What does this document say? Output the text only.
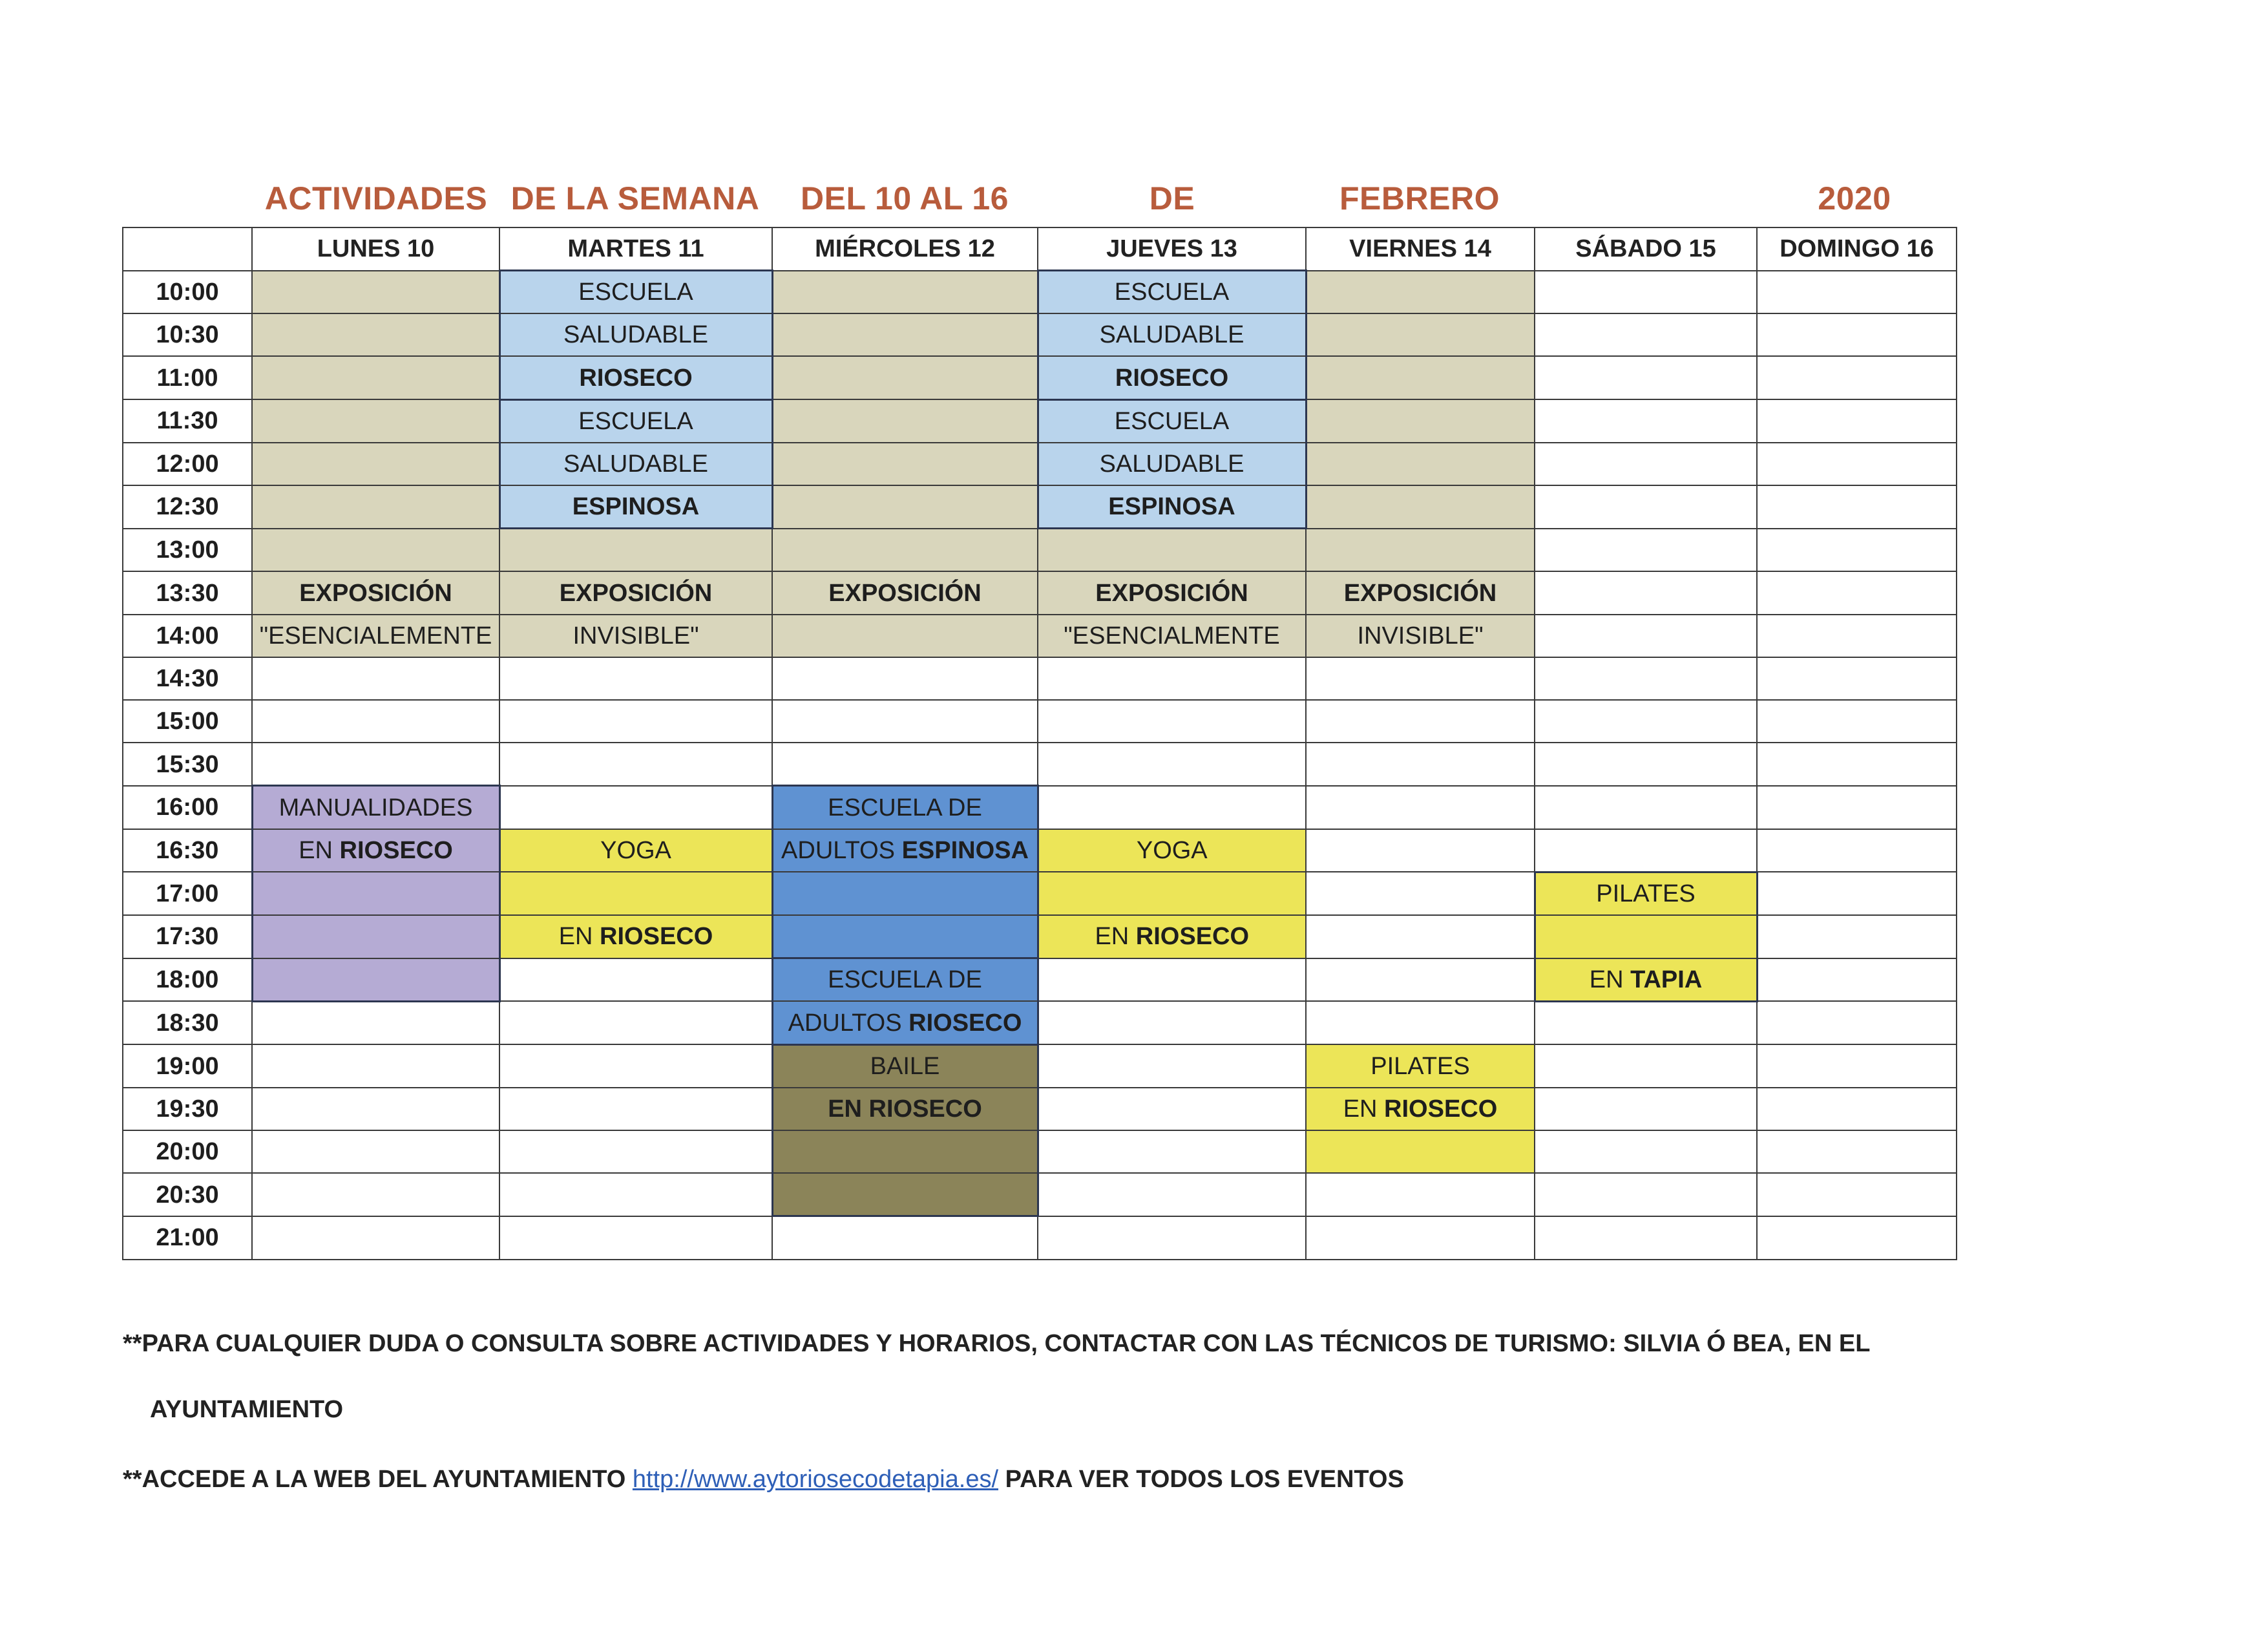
ACTIVIDADES DE LA SEMANA DEL 10 AL 16	DE	FEBRERO	2020
	LUNES 10	MARTES 11	MIÉRCOLES 12	JUEVES 13	VIERNES 14	SÁBADO 15	DOMINGO 16
10:00		ESCUELA		ESCUELA			
10:30		SALUDABLE		SALUDABLE			
11:00		RIOSECO		RIOSECO			
11:30		ESCUELA		ESCUELA			
12:00		SALUDABLE		SALUDABLE			
12:30		ESPINOSA		ESPINOSA			
13:00							
13:30	EXPOSICIÓN	EXPOSICIÓN	EXPOSICIÓN	EXPOSICIÓN	EXPOSICIÓN		
14:00	"ESENCIALEMENTE	INVISIBLE"		"ESENCIALMENTE	INVISIBLE"		
14:30							
15:00							
15:30							
16:00	MANUALIDADES		ESCUELA DE				
16:30	EN RIOSECO	YOGA	ADULTOS ESPINOSA	YOGA			
17:00						PILATES	
17:30		EN RIOSECO		EN RIOSECO			
18:00			ESCUELA DE			EN TAPIA	
18:30			ADULTOS RIOSECO				
19:00			BAILE		PILATES		
19:30			EN RIOSECO		EN RIOSECO		
20:00							
20:30							
21:00							
**PARA CUALQUIER DUDA O CONSULTA SOBRE ACTIVIDADES Y HORARIOS, CONTACTAR CON LAS TÉCNICOS DE TURISMO: SILVIA Ó BEA, EN EL
AYUNTAMIENTO
**ACCEDE A LA WEB DEL AYUNTAMIENTO http://www.aytoriosecodetapia.es/ PARA VER TODOS LOS EVENTOS
